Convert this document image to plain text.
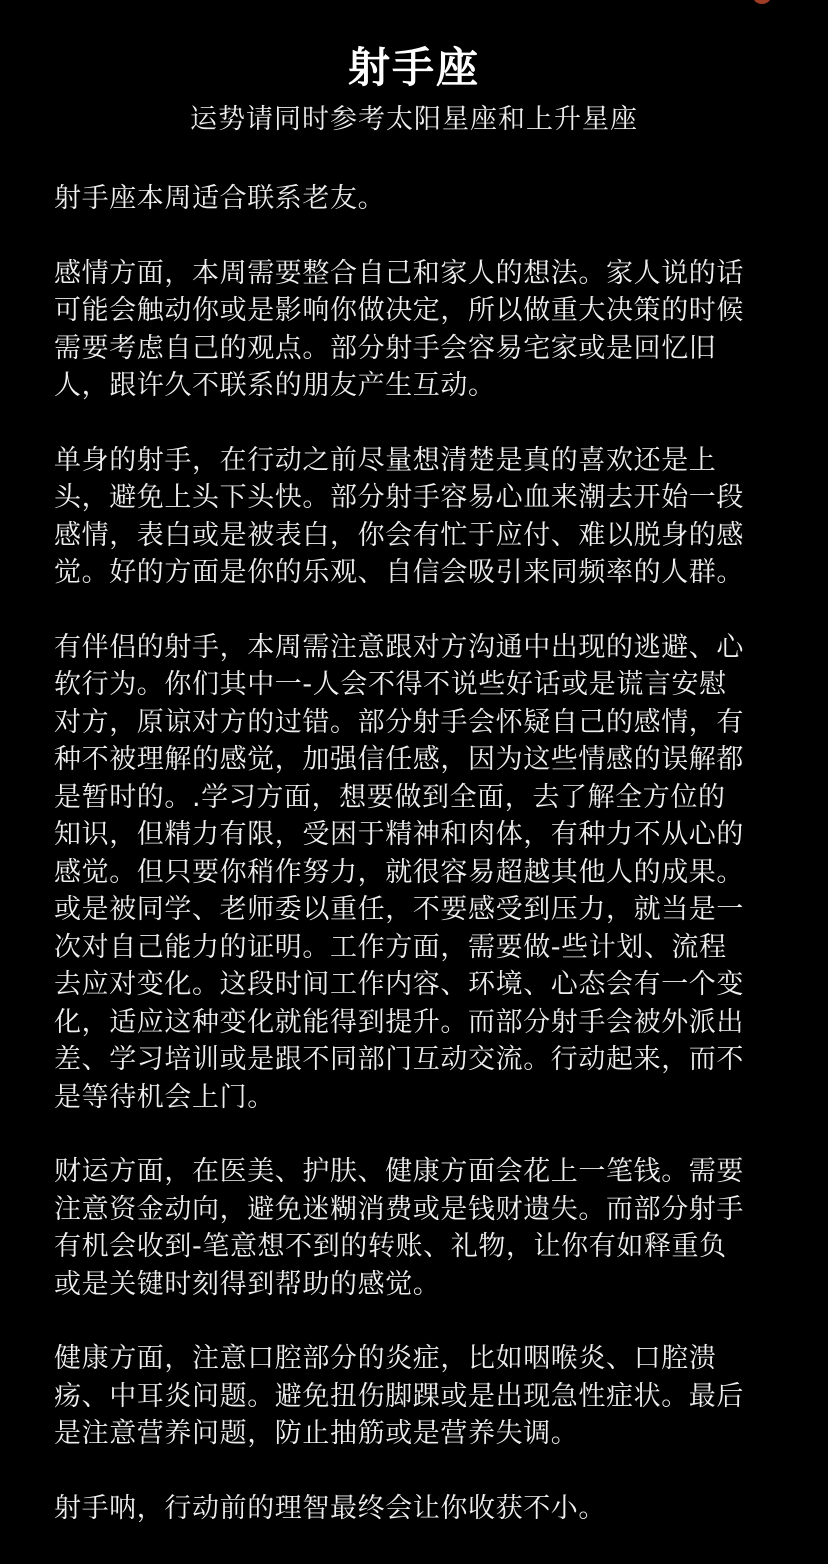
射手座
运势请同时参考太阳星座和上升星座

射手座本周适合联系老友。

感情方面，本周需要整合自己和家人的想法。家人说的话
可能会触动你或是影响你做决定，所以做重大决策的时候
需要考虑自己的观点。部分射手会容易宅家或是回忆旧
人，跟许久不联系的朋友产生互动。

单身的射手，在行动之前尽量想清楚是真的喜欢还是上
头，避免上头下头快。部分射手容易心血来潮去开始一段
感情，表白或是被表白，你会有忙于应付、难以脱身的感
觉。好的方面是你的乐观、自信会吸引来同频率的人群。

有伴侣的射手，本周需注意跟对方沟通中出现的逃避、心
软行为。你们其中一-人会不得不说些好话或是谎言安慰
对方，原谅对方的过错。部分射手会怀疑自己的感情，有
种不被理解的感觉，加强信任感，因为这些情感的误解都
是暂时的。.学习方面，想要做到全面，去了解全方位的
知识，但精力有限，受困于精神和肉体，有种力不从心的
感觉。但只要你稍作努力，就很容易超越其他人的成果。
或是被同学、老师委以重任，不要感受到压力，就当是一
次对自己能力的证明。工作方面，需要做-些计划、流程
去应对变化。这段时间工作内容、环境、心态会有一个变
化，适应这种变化就能得到提升。而部分射手会被外派出
差、学习培训或是跟不同部门互动交流。行动起来，而不
是等待机会上门。

财运方面，在医美、护肤、健康方面会花上一笔钱。需要
注意资金动向，避免迷糊消费或是钱财遗失。而部分射手
有机会收到-笔意想不到的转账、礼物，让你有如释重负
或是关键时刻得到帮助的感觉。

健康方面，注意口腔部分的炎症，比如咽喉炎、口腔溃
疡、中耳炎问题。避免扭伤脚踝或是出现急性症状。最后
是注意营养问题，防止抽筋或是营养失调。

射手呐，行动前的理智最终会让你收获不小。
